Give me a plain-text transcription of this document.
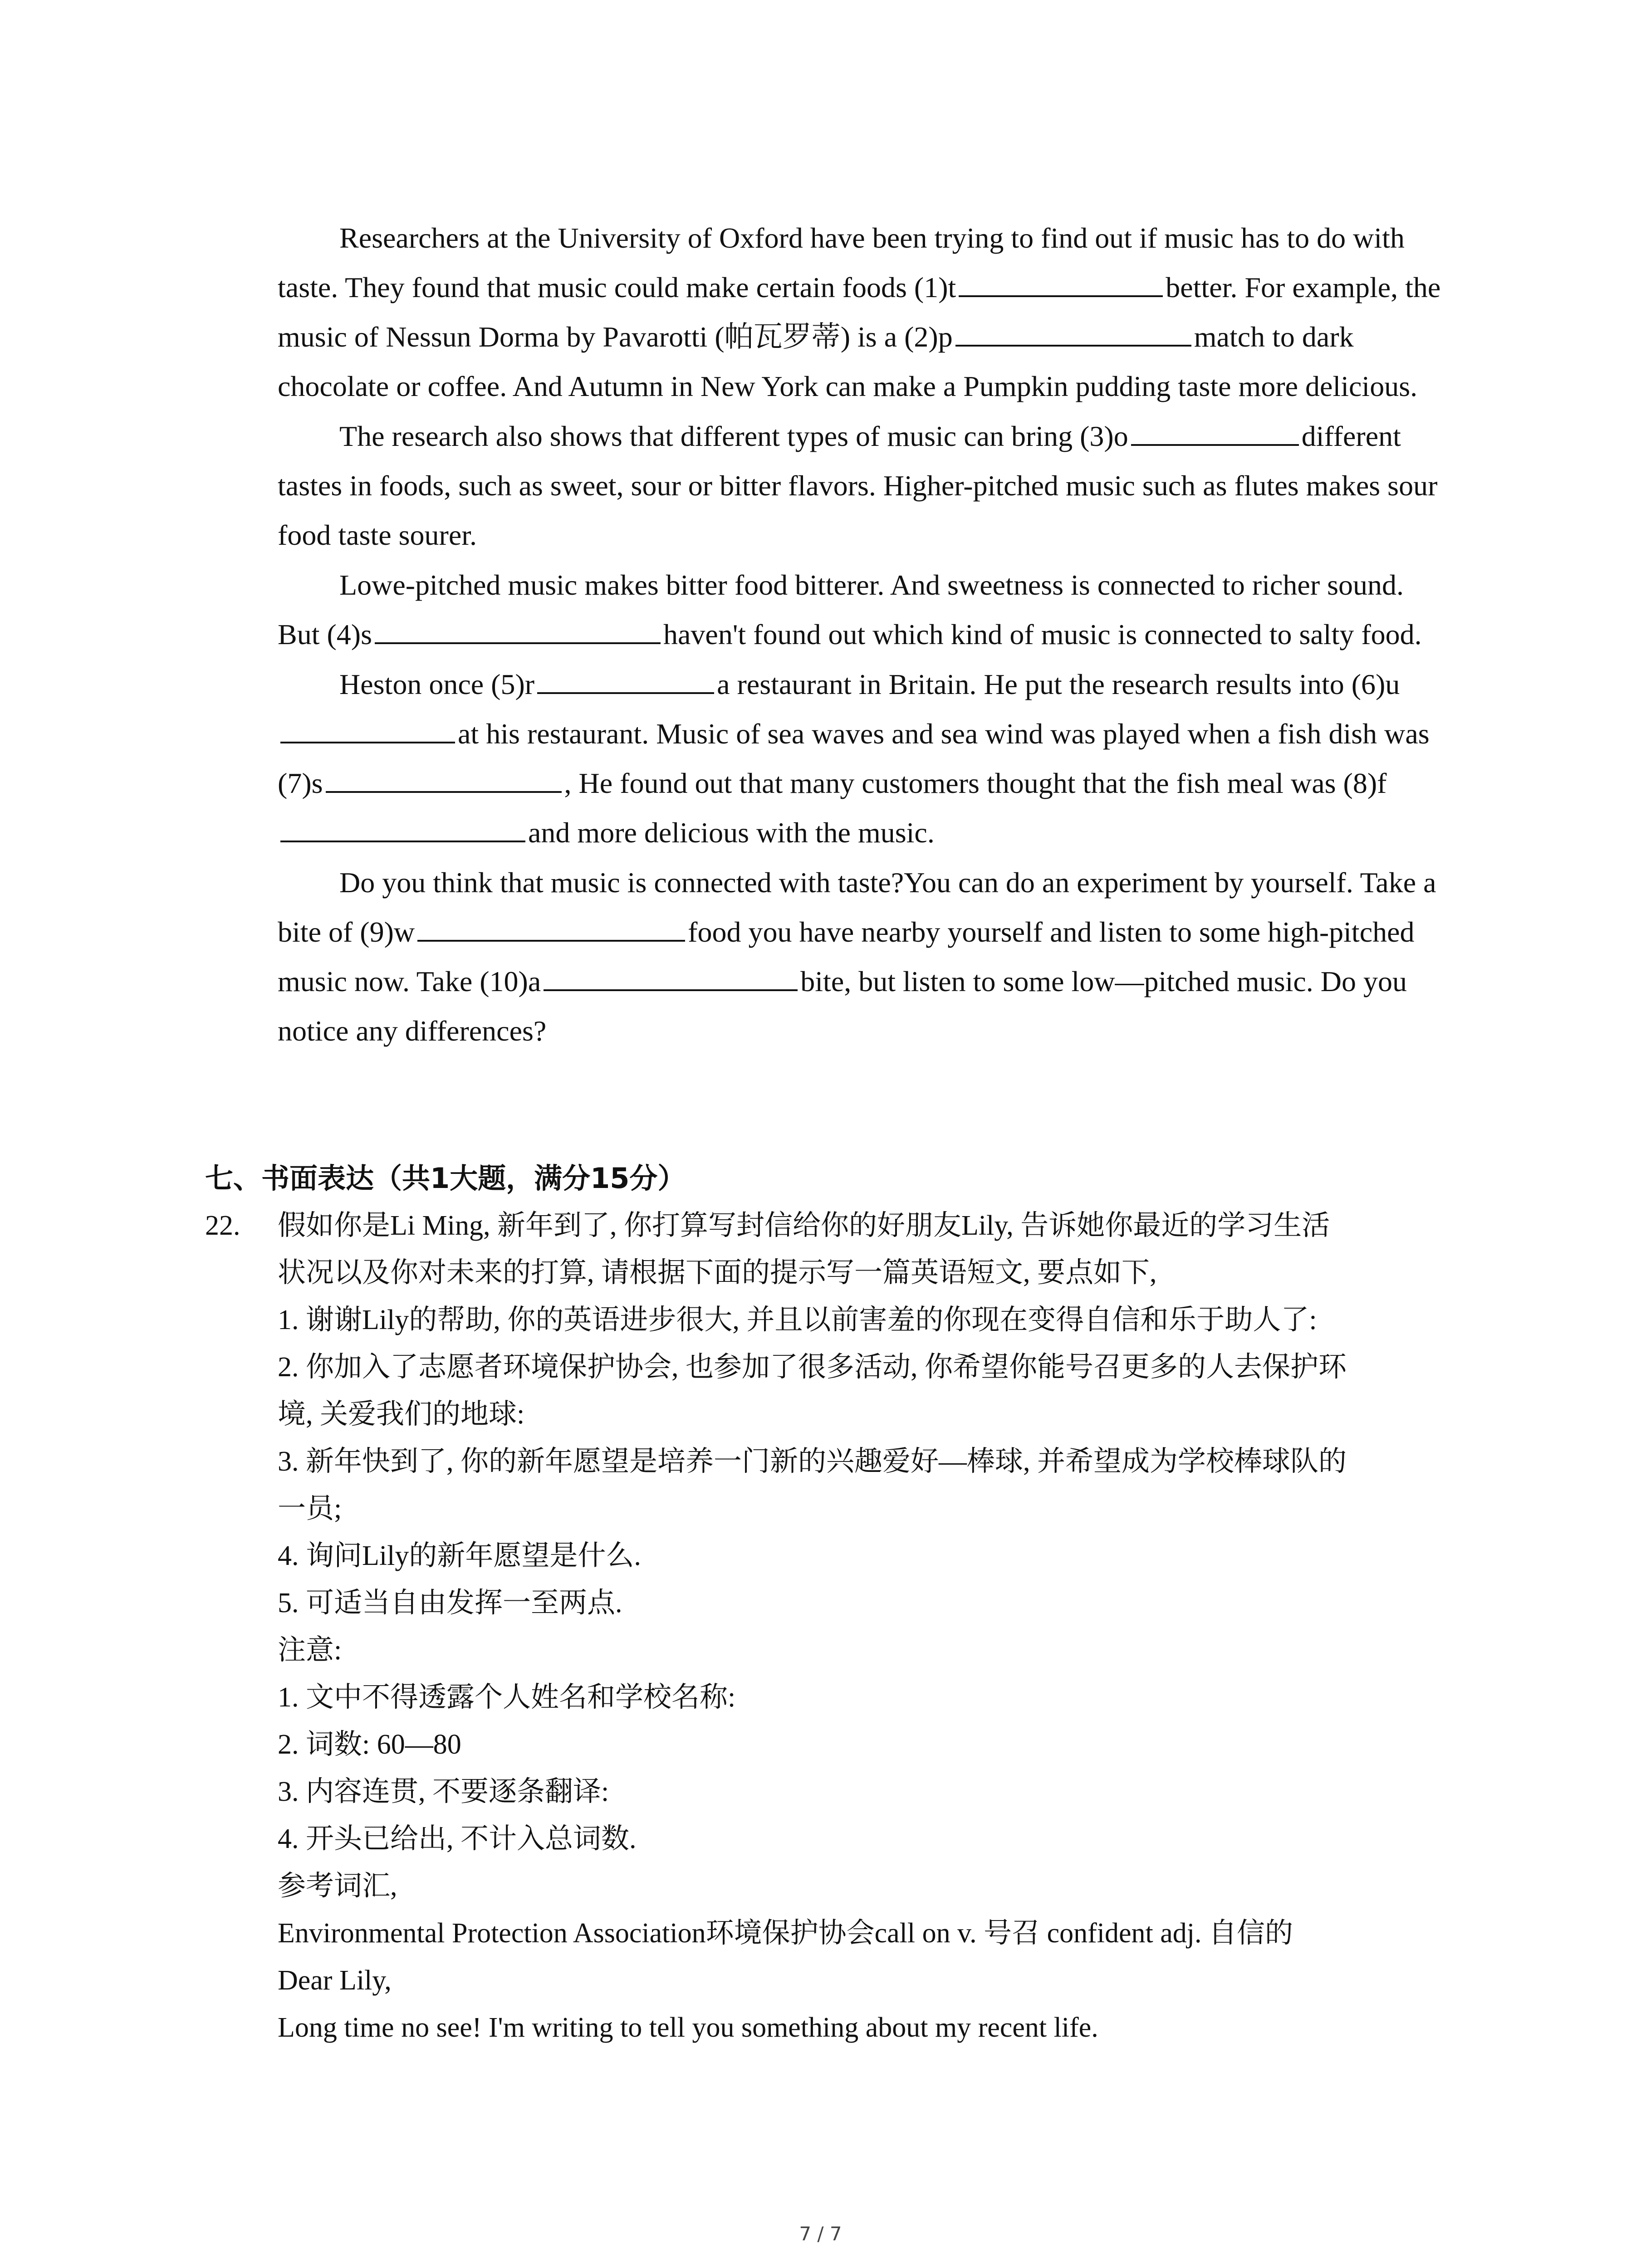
Researchers at the University of Oxford have been trying to find out if music has to do with taste. They found that music could make certain foods (1)t	better. For example, the music of Nessun Dorma by Pavarotti (帕瓦罗蒂) is a (2)p	match to dark chocolate or coffee. And Autumn in New York can make a Pumpkin pudding taste more delicious.

The research also shows that different types of music can bring (3)o	different tastes in foods, such as sweet, sour or bitter flavors. Higher-pitched music such as flutes makes sour food taste sourer.

Lowe-pitched music makes bitter food bitterer. And sweetness is connected to richer sound. But (4)s	haven't found out which kind of music is connected to salty food.

Heston once (5)r	a restaurant in Britain. He put the research results into (6)uat his restaurant. Music of sea waves and sea wind was played when a fish dish was (7)s	, He found out that many customers thought that the fish meal was (8)fand more delicious with the music.

Do you think that music is connected with taste?You can do an experiment by yourself. Take a bite of (9)w	food you have nearby yourself and listen to some high-pitched music now. Take (10)a	bite, but listen to some low—pitched music. Do you notice any differences?

七、书面表达（共1大题，满分15分）
22. 假如你是Li Ming, 新年到了, 你打算写封信给你的好朋友Lily, 告诉她你最近的学习生活
状况以及你对未来的打算, 请根据下面的提示写一篇英语短文, 要点如下,
1. 谢谢Lily的帮助, 你的英语进步很大, 并且以前害羞的你现在变得自信和乐于助人了:
2. 你加入了志愿者环境保护协会, 也参加了很多活动, 你希望你能号召更多的人去保护环
境, 关爱我们的地球:
3. 新年快到了, 你的新年愿望是培养一门新的兴趣爱好—棒球, 并希望成为学校棒球队的
一员;
4. 询问Lily的新年愿望是什么.
5. 可适当自由发挥一至两点.
注意:
1. 文中不得透露个人姓名和学校名称:
2. 词数: 60—80
3. 内容连贯, 不要逐条翻译:
4. 开头已给出, 不计入总词数.
参考词汇,
Environmental Protection Association环境保护协会call on v. 号召 confident adj. 自信的
Dear Lily,
Long time no see! I'm writing to tell you something about my recent life.
7 / 7
